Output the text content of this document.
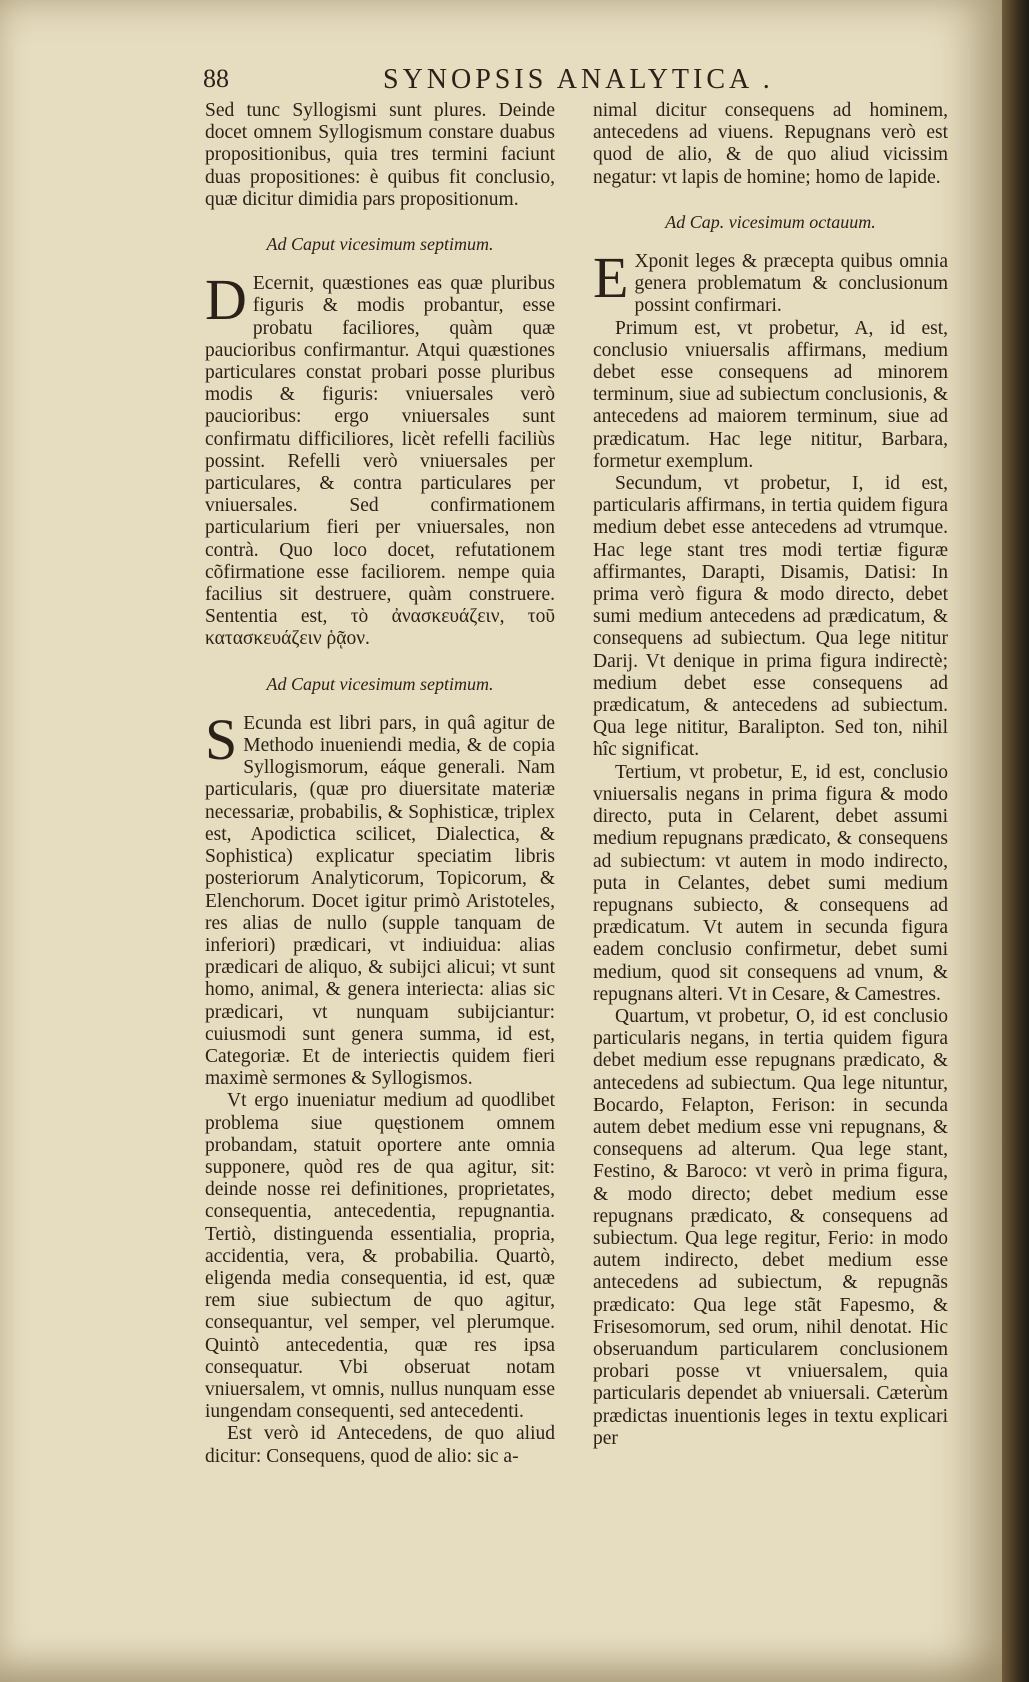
88	SYNOPSIS ANALYTICA .

Sed tunc Syllogismi sunt plures. Deinde docet omnem Syllogismum constare duabus propositionibus, quia tres termini faciunt duas propositiones: è quibus fit conclusio, quæ dicitur dimidia pars propositionum.

Ad Caput vicesimum septimum.

DEcernit, quæstiones eas quæ pluribus figuris & modis probantur, esse probatu faciliores, quàm quæ paucioribus confirmantur. Atqui quæstiones particulares constat probari posse pluribus modis & figuris: vniuersales verò paucioribus: ergo vniuersales sunt confirmatu difficiliores, licèt refelli faciliùs possint. Refelli verò vniuersales per particulares, & contra particulares per vniuersales. Sed confirmationem particularium fieri per vniuersales, non contrà. Quo loco docet, refutationem cõfirmatione esse faciliorem. nempe quia facilius sit destruere, quàm construere. Sententia est, τὸ ἀνασκευάζειν, τοῦ κατασκευάζειν ῥᾷον.

Ad Caput vicesimum septimum.

SEcunda est libri pars, in quâ agitur de Methodo inueniendi media, & de copia Syllogismorum, eáque generali. Nam particularis, (quæ pro diuersitate materiæ necessariæ, probabilis, & Sophisticæ, triplex est, Apodictica scilicet, Dialectica, & Sophistica) explicatur speciatim libris posteriorum Analyticorum, Topicorum, & Elenchorum. Docet igitur primò Aristoteles, res alias de nullo (supple tanquam de inferiori) prædicari, vt indiuidua: alias prædicari de aliquo, & subijci alicui; vt sunt homo, animal, & genera interiecta: alias sic prædicari, vt nunquam subijciantur: cuiusmodi sunt genera summa, id est, Categoriæ. Et de interiectis quidem fieri maximè sermones & Syllogismos.

Vt ergo inueniatur medium ad quodlibet problema siue quęstionem omnem probandam, statuit oportere ante omnia supponere, quòd res de qua agitur, sit: deinde nosse rei definitiones, proprietates, consequentia, antecedentia, repugnantia. Tertiò, distinguenda essentialia, propria, accidentia, vera, & probabilia. Quartò, eligenda media consequentia, id est, quæ rem siue subiectum de quo agitur, consequantur, vel semper, vel plerumque. Quintò antecedentia, quæ res ipsa consequatur. Vbi obseruat notam vniuersalem, vt omnis, nullus nunquam esse iungendam consequenti, sed antecedenti.

Est verò id Antecedens, de quo aliud dicitur: Consequens, quod de alio: sic a-

nimal dicitur consequens ad hominem, antecedens ad viuens. Repugnans verò est quod de alio, & de quo aliud vicissim negatur: vt lapis de homine; homo de lapide.

Ad Cap. vicesimum octauum.

EXponit leges & præcepta quibus omnia genera problematum & conclusionum possint confirmari.

Primum est, vt probetur, A, id est, conclusio vniuersalis affirmans, medium debet esse consequens ad minorem terminum, siue ad subiectum conclusionis, & antecedens ad maiorem terminum, siue ad prædicatum. Hac lege nititur, Barbara, formetur exemplum.

Secundum, vt probetur, I, id est, particularis affirmans, in tertia quidem figura medium debet esse antecedens ad vtrumque. Hac lege stant tres modi tertiæ figuræ affirmantes, Darapti, Disamis, Datisi: In prima verò figura & modo directo, debet sumi medium antecedens ad prædicatum, & consequens ad subiectum. Qua lege nititur Darij. Vt denique in prima figura indirectè; medium debet esse consequens ad prædicatum, & antecedens ad subiectum. Qua lege nititur, Baralipton. Sed ton, nihil hîc significat.

Tertium, vt probetur, E, id est, conclusio vniuersalis negans in prima figura & modo directo, puta in Celarent, debet assumi medium repugnans prædicato, & consequens ad subiectum: vt autem in modo indirecto, puta in Celantes, debet sumi medium repugnans subiecto, & consequens ad prædicatum. Vt autem in secunda figura eadem conclusio confirmetur, debet sumi medium, quod sit consequens ad vnum, & repugnans alteri. Vt in Cesare, & Camestres.

Quartum, vt probetur, O, id est conclusio particularis negans, in tertia quidem figura debet medium esse repugnans prædicato, & antecedens ad subiectum. Qua lege nituntur, Bocardo, Felapton, Ferison: in secunda autem debet medium esse vni repugnans, & consequens ad alterum. Qua lege stant, Festino, & Baroco: vt verò in prima figura, & modo directo; debet medium esse repugnans prædicato, & consequens ad subiectum. Qua lege regitur, Ferio: in modo autem indirecto, debet medium esse antecedens ad subiectum, & repugnãs prædicato: Qua lege stãt Fapesmo, & Frisesomorum, sed orum, nihil denotat. Hic obseruandum particularem conclusionem probari posse vt vniuersalem, quia particularis dependet ab vniuersali. Cæterùm prædictas inuentionis leges in textu explicari per
